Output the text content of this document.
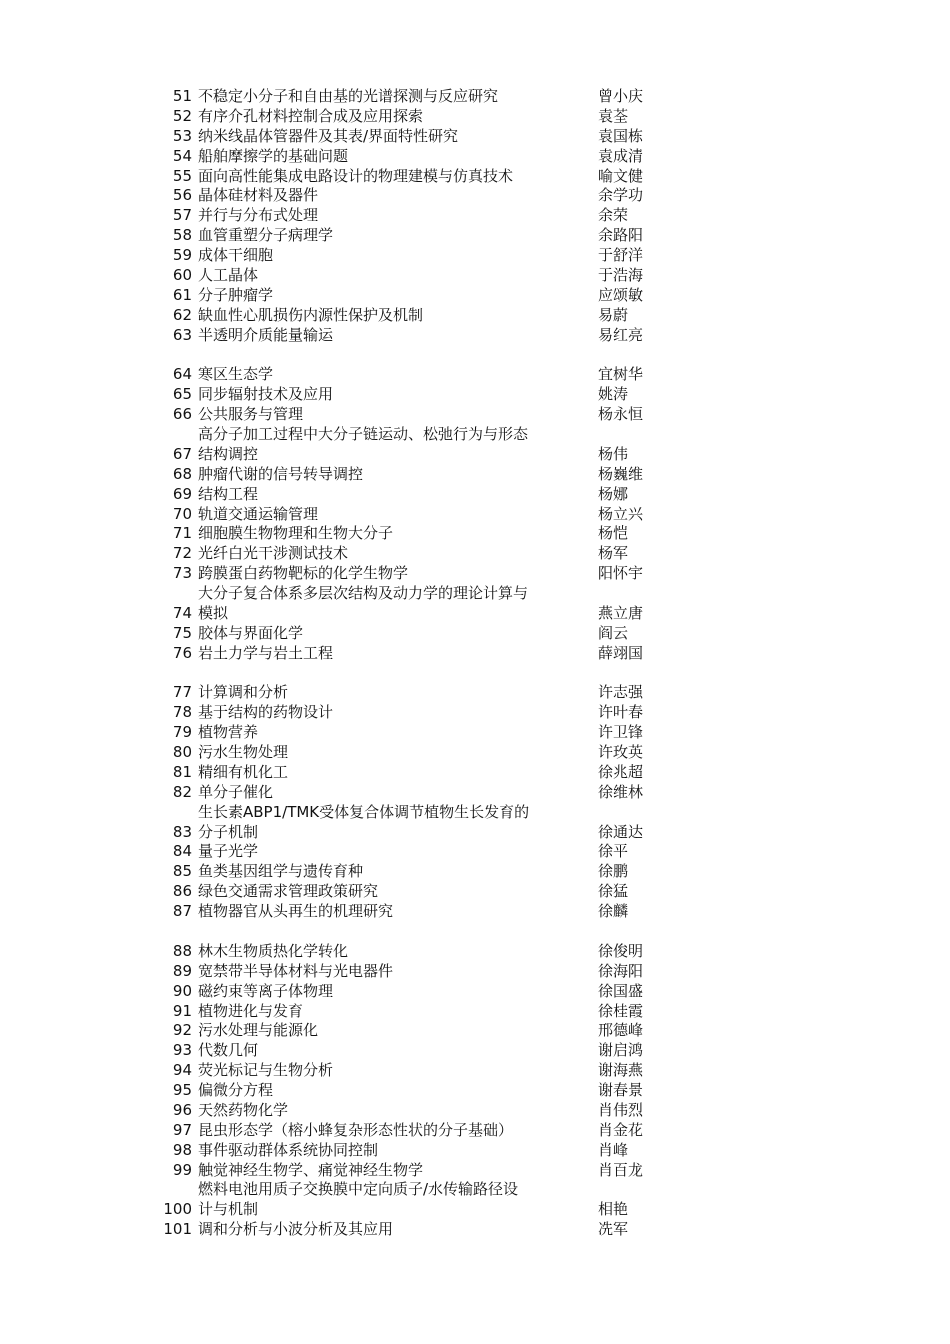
51 不稳定小分子和自由基的光谱探测与反应研究	曾小庆
52 有序介孔材料控制合成及应用探索	袁荃
53 纳米线晶体管器件及其表/界面特性研究	袁国栋
54 船舶摩擦学的基础问题	袁成清
55 面向高性能集成电路设计的物理建模与仿真技术	喻文健
56 晶体硅材料及器件	余学功
57 并行与分布式处理	余荣
58 血管重塑分子病理学	余路阳
59 成体干细胞	于舒洋
60 人工晶体	于浩海
61 分子肿瘤学	应颂敏
62 缺血性心肌损伤内源性保护及机制	易蔚
63 半透明介质能量输运	易红亮
64 寒区生态学	宜树华
65 同步辐射技术及应用	姚涛
66 公共服务与管理	杨永恒
高分子加工过程中大分子链运动、松弛行为与形态
67 结构调控	杨伟
68 肿瘤代谢的信号转导调控	杨巍维
69 结构工程	杨娜
70 轨道交通运输管理	杨立兴
71 细胞膜生物物理和生物大分子	杨恺
72 光纤白光干涉测试技术	杨军
73 跨膜蛋白药物靶标的化学生物学	阳怀宇
大分子复合体系多层次结构及动力学的理论计算与
74 模拟	燕立唐
75 胶体与界面化学	阎云
76 岩土力学与岩土工程	薛翊国
77 计算调和分析	许志强
78 基于结构的药物设计	许叶春
79 植物营养	许卫锋
80 污水生物处理	许玫英
81 精细有机化工	徐兆超
82 单分子催化	徐维林
生长素ABP1/TMK受体复合体调节植物生长发育的
83 分子机制	徐通达
84 量子光学	徐平
85 鱼类基因组学与遗传育种	徐鹏
86 绿色交通需求管理政策研究	徐猛
87 植物器官从头再生的机理研究	徐麟
88 林木生物质热化学转化	徐俊明
89 宽禁带半导体材料与光电器件	徐海阳
90 磁约束等离子体物理	徐国盛
91 植物进化与发育	徐桂霞
92 污水处理与能源化	邢德峰
93 代数几何	谢启鸿
94 荧光标记与生物分析	谢海燕
95 偏微分方程	谢春景
96 天然药物化学	肖伟烈
97 昆虫形态学（榕小蜂复杂形态性状的分子基础）	肖金花
98 事件驱动群体系统协同控制	肖峰
99 触觉神经生物学、痛觉神经生物学	肖百龙
燃料电池用质子交换膜中定向质子/水传输路径设
100 计与机制	相艳
101 调和分析与小波分析及其应用	冼军
